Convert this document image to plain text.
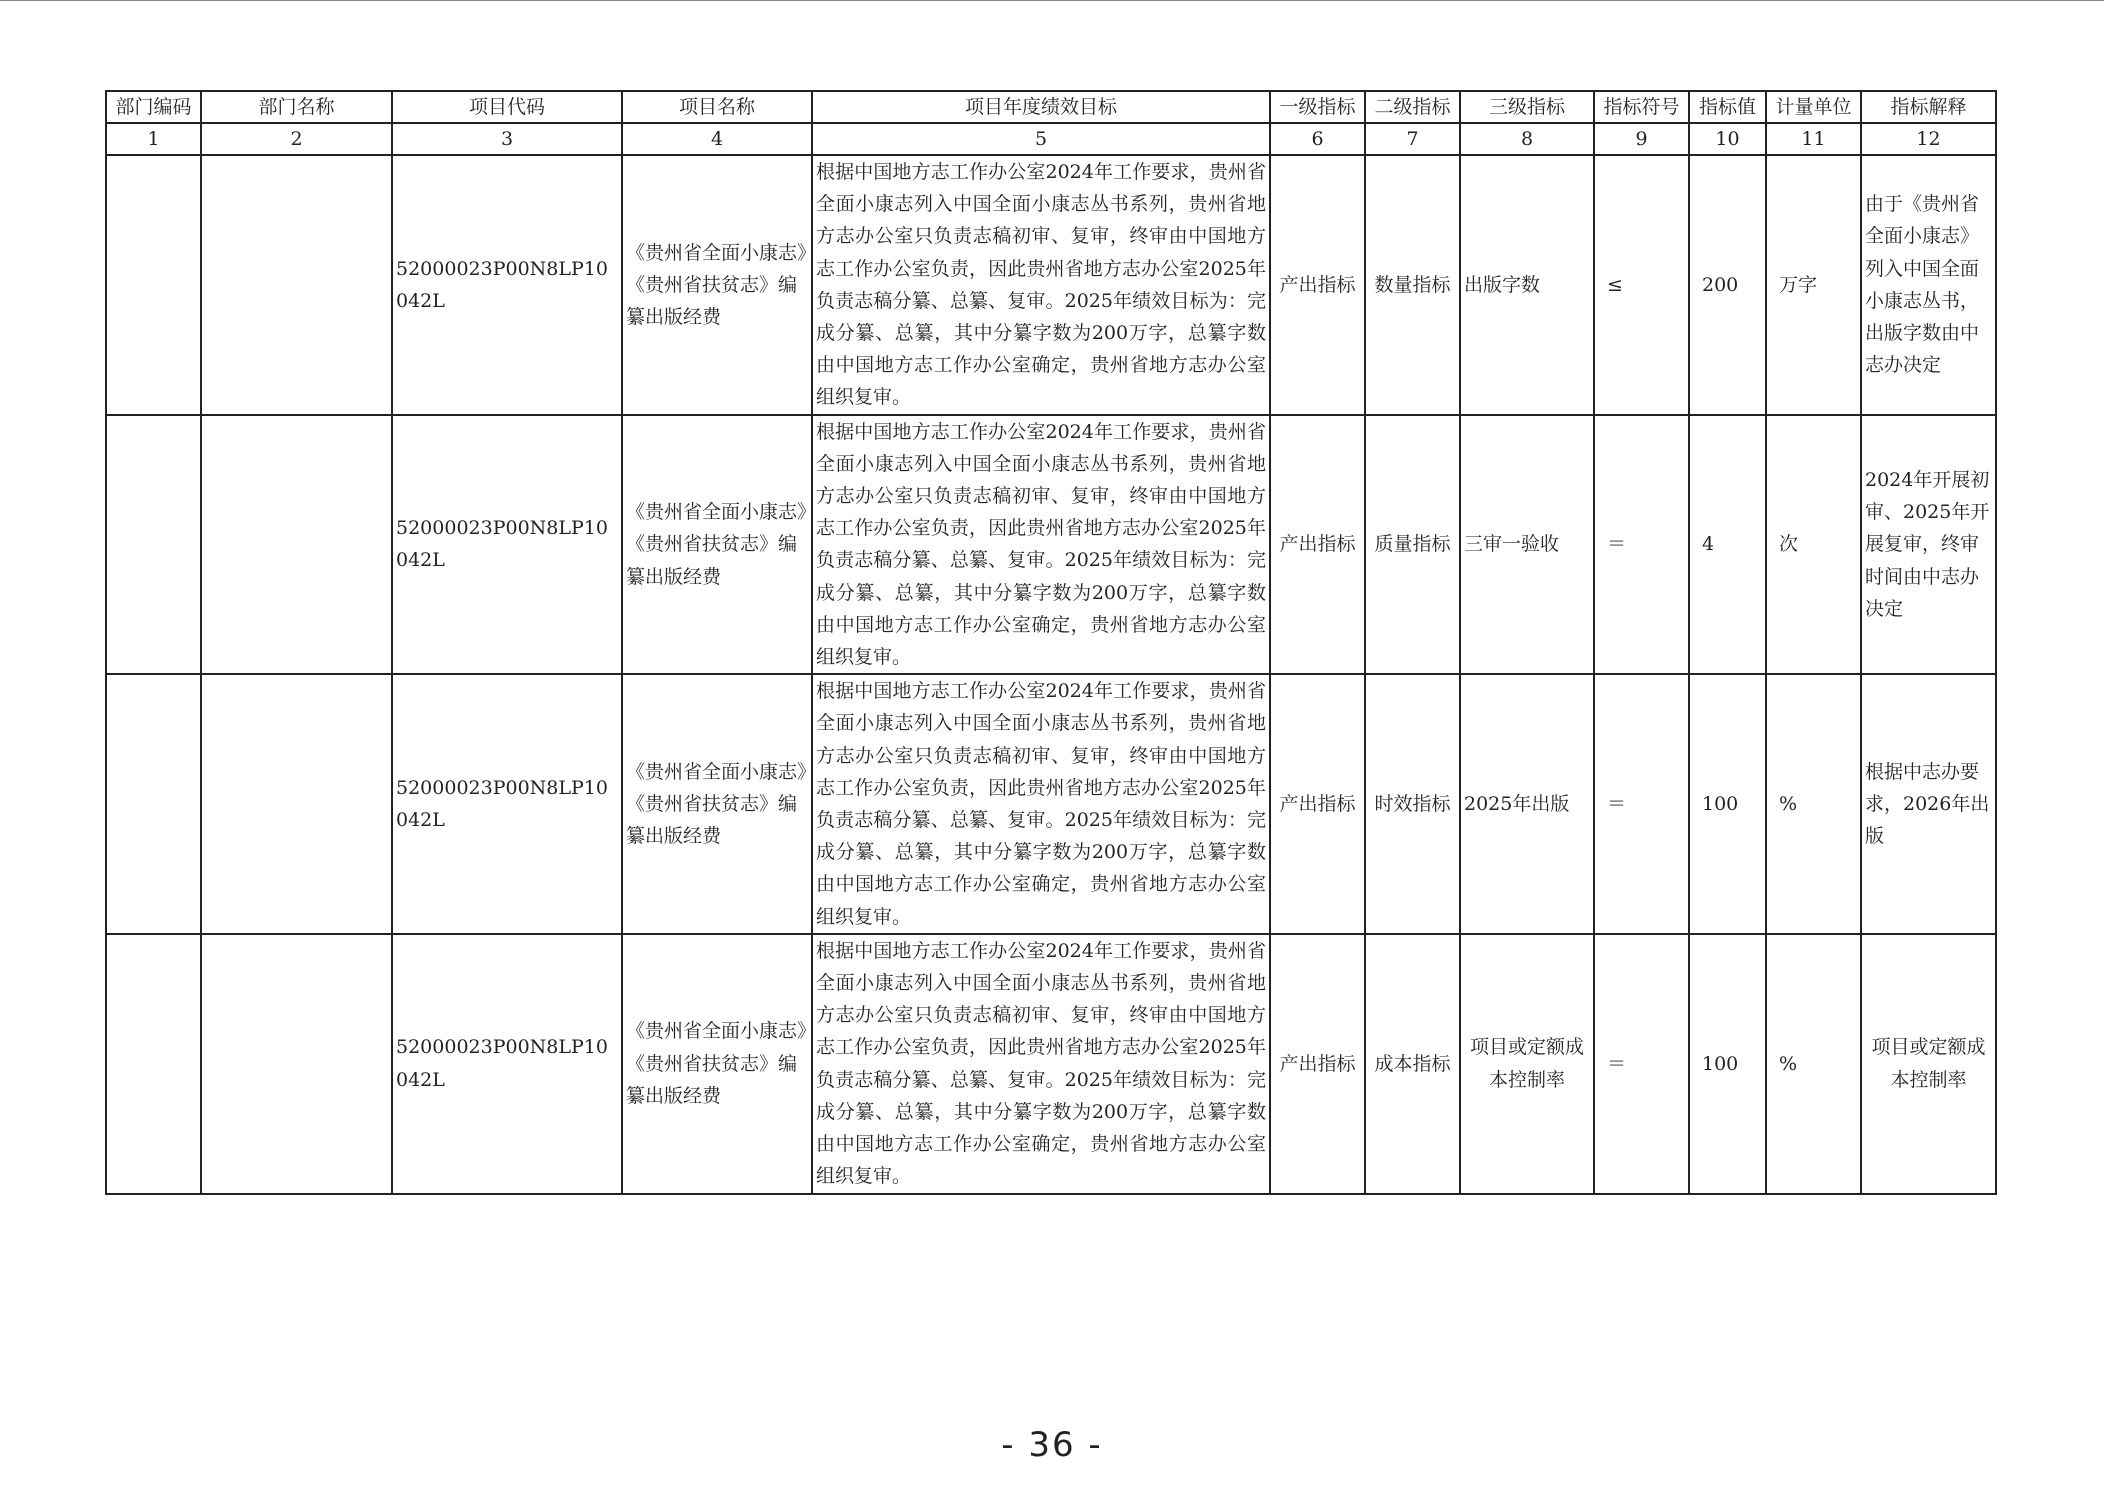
部门编码	部门名称	项目代码	项目名称	项目年度绩效目标	一级指标	二级指标	三级指标	指标符号	指标值	计量单位	指标解释
1	2	3	4	5	6	7	8	9	10	11	12
		52000023P00N8LP10042L	《贵州省全面小康志》《贵州省扶贫志》编纂出版经费	根据中国地方志工作办公室2024年工作要求，贵州省全面小康志列入中国全面小康志丛书系列，贵州省地方志办公室只负责志稿初审、复审，终审由中国地方志工作办公室负责，因此贵州省地方志办公室2025年负责志稿分纂、总纂、复审。2025年绩效目标为：完成分纂、总纂，其中分纂字数为200万字，总纂字数由中国地方志工作办公室确定，贵州省地方志办公室组织复审。	产出指标	数量指标	出版字数	≤	200	万字	由于《贵州省全面小康志》列入中国全面小康志丛书，出版字数由中志办决定
		52000023P00N8LP10042L	《贵州省全面小康志》《贵州省扶贫志》编纂出版经费	根据中国地方志工作办公室2024年工作要求，贵州省全面小康志列入中国全面小康志丛书系列，贵州省地方志办公室只负责志稿初审、复审，终审由中国地方志工作办公室负责，因此贵州省地方志办公室2025年负责志稿分纂、总纂、复审。2025年绩效目标为：完成分纂、总纂，其中分纂字数为200万字，总纂字数由中国地方志工作办公室确定，贵州省地方志办公室组织复审。	产出指标	质量指标	三审一验收	＝	4	次	2024年开展初审、2025年开展复审，终审时间由中志办决定
		52000023P00N8LP10042L	《贵州省全面小康志》《贵州省扶贫志》编纂出版经费	根据中国地方志工作办公室2024年工作要求，贵州省全面小康志列入中国全面小康志丛书系列，贵州省地方志办公室只负责志稿初审、复审，终审由中国地方志工作办公室负责，因此贵州省地方志办公室2025年负责志稿分纂、总纂、复审。2025年绩效目标为：完成分纂、总纂，其中分纂字数为200万字，总纂字数由中国地方志工作办公室确定，贵州省地方志办公室组织复审。	产出指标	时效指标	2025年出版	＝	100	%	根据中志办要求，2026年出版
		52000023P00N8LP10042L	《贵州省全面小康志》《贵州省扶贫志》编纂出版经费	根据中国地方志工作办公室2024年工作要求，贵州省全面小康志列入中国全面小康志丛书系列，贵州省地方志办公室只负责志稿初审、复审，终审由中国地方志工作办公室负责，因此贵州省地方志办公室2025年负责志稿分纂、总纂、复审。2025年绩效目标为：完成分纂、总纂，其中分纂字数为200万字，总纂字数由中国地方志工作办公室确定，贵州省地方志办公室组织复审。	产出指标	成本指标	项目或定额成本控制率	＝	100	%	项目或定额成本控制率
- 36 -
